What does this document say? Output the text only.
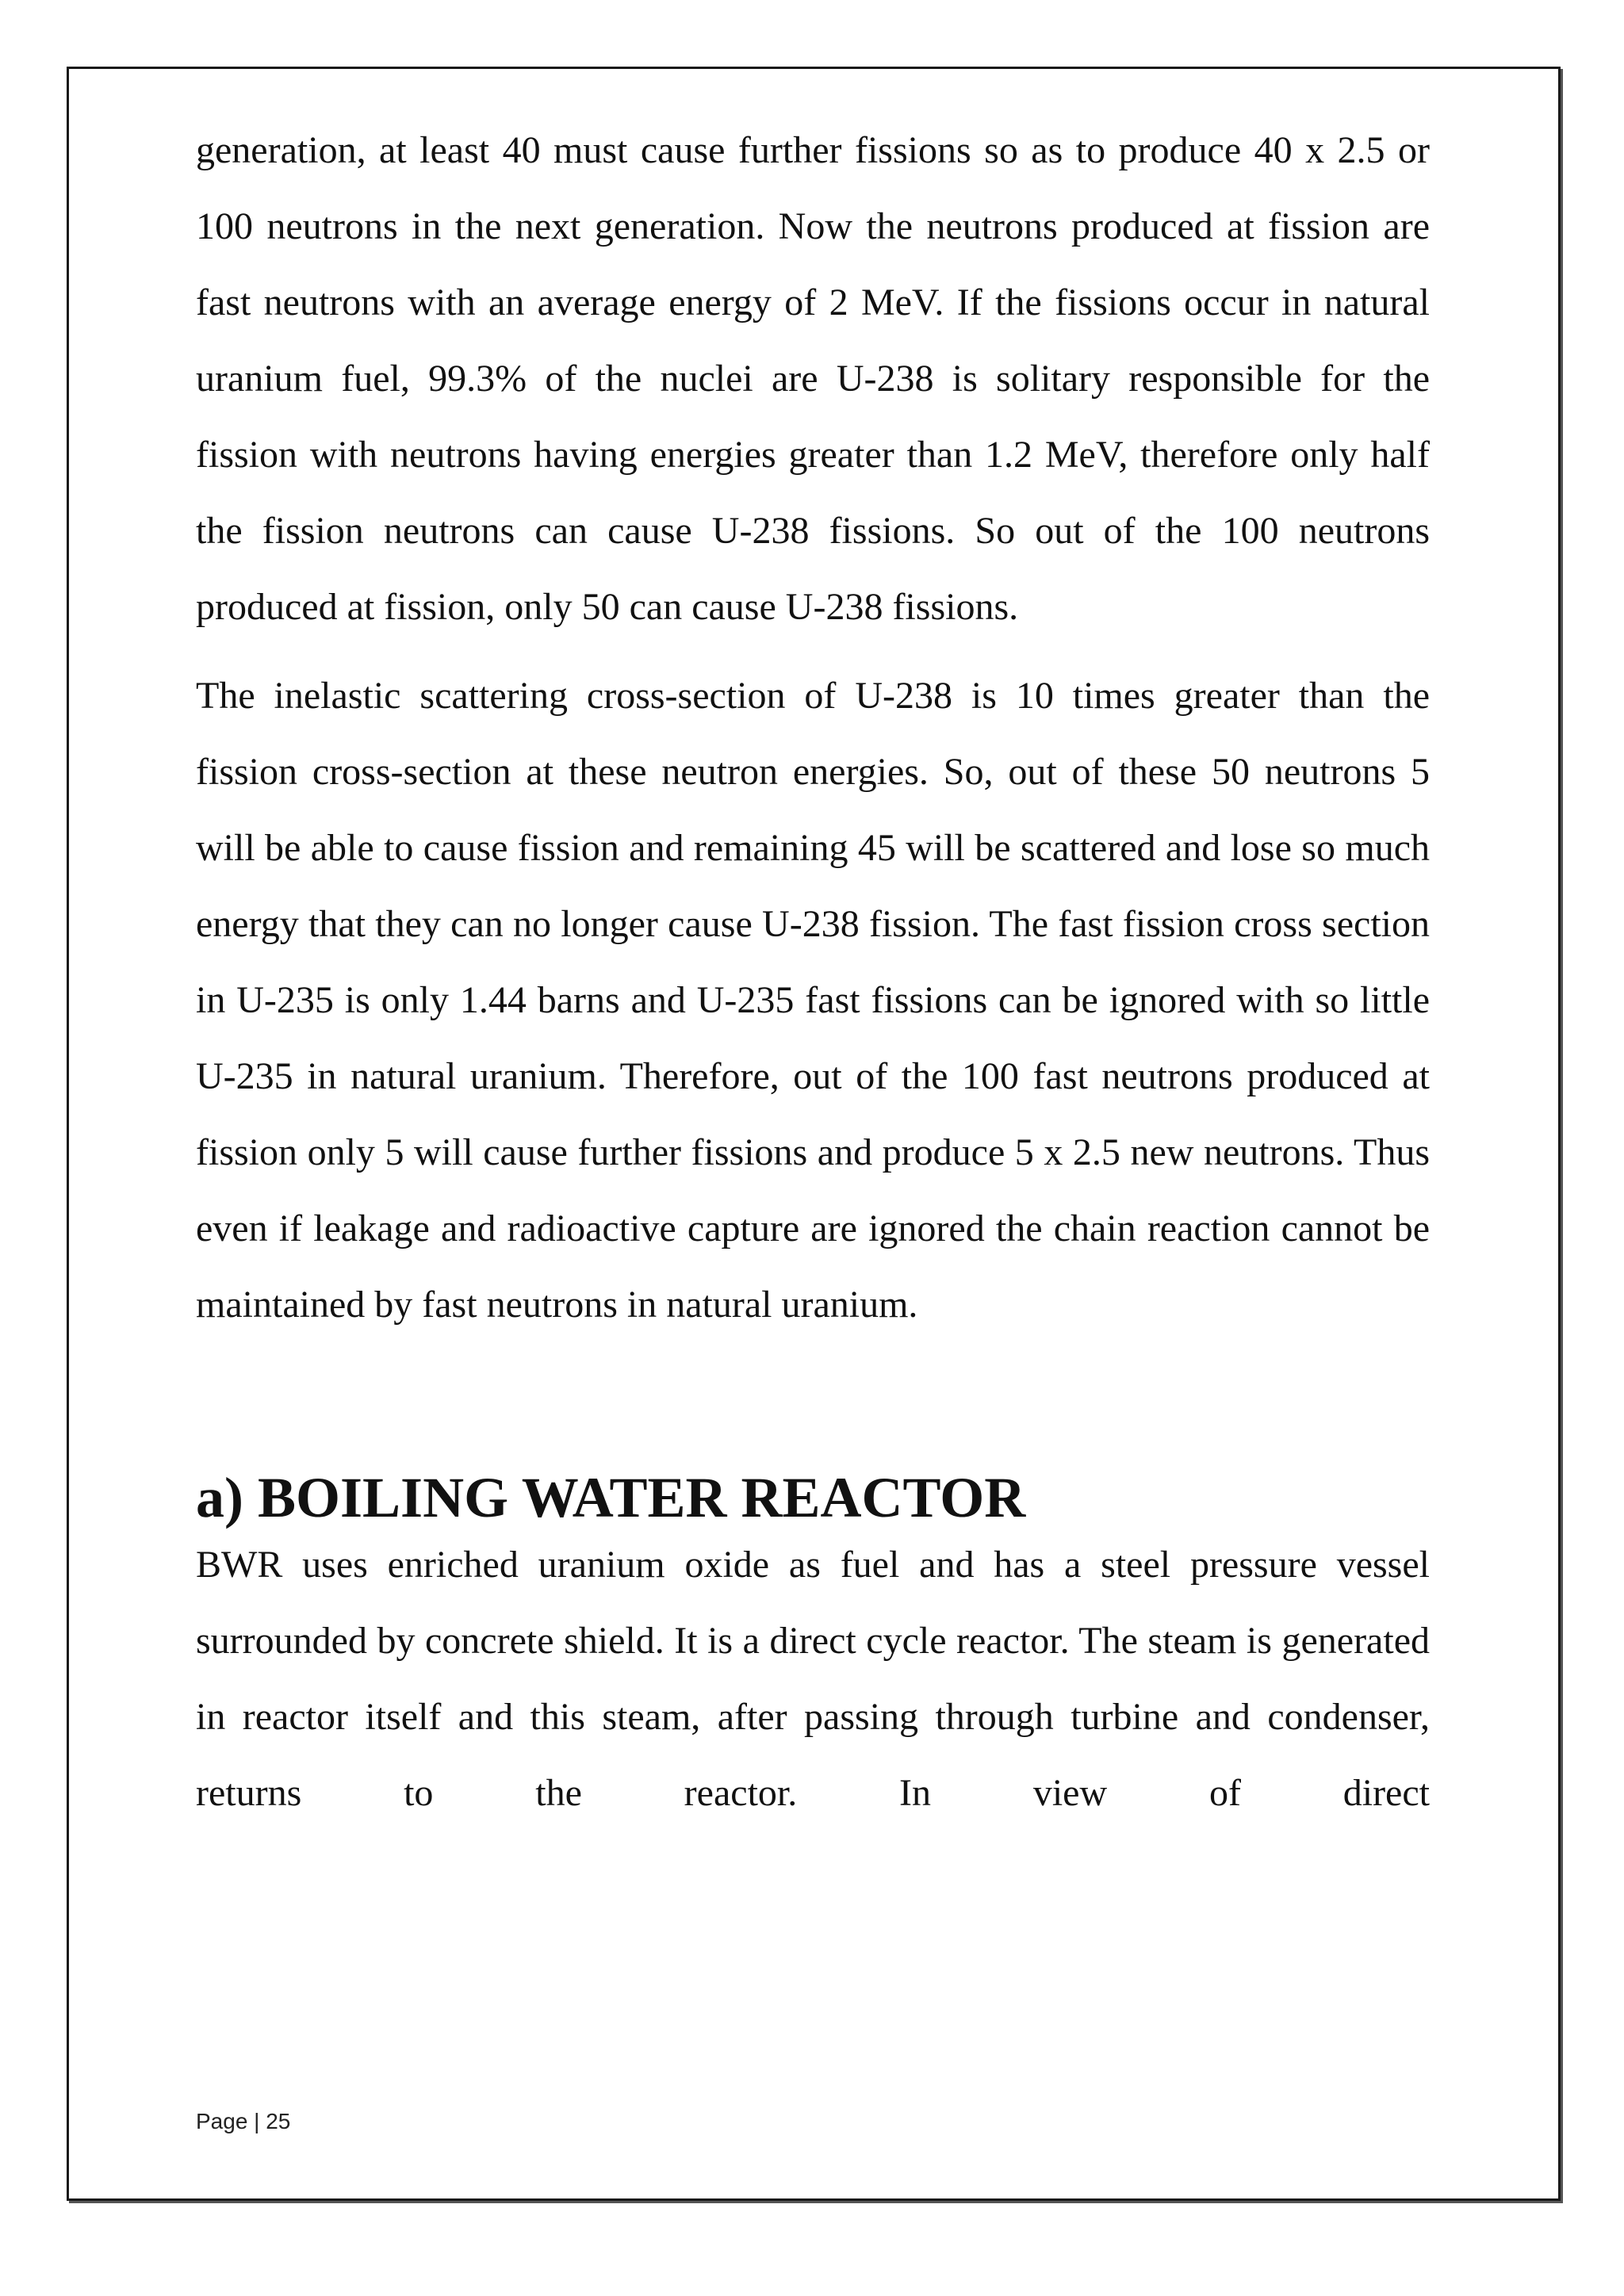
generation, at least 40 must cause further fissions so as to produce 40 x 2.5 or 100 neutrons in the next generation. Now the neutrons produced at fission are fast neutrons with an average energy of 2 MeV. If the fissions occur in natural uranium fuel, 99.3% of the nuclei are U-238 is solitary responsible for the fission with neutrons having energies greater than 1.2 MeV, therefore only half the fission neutrons can cause U-238 fissions. So out of the 100 neutrons produced at fission, only 50 can cause U-238 fissions.

The inelastic scattering cross-section of U-238 is 10 times greater than the fission cross-section at these neutron energies. So, out of these 50 neutrons 5 will be able to cause fission and remaining 45 will be scattered and lose so much energy that they can no longer cause U-238 fission. The fast fission cross section in U-235 is only 1.44 barns and U-235 fast fissions can be ignored with so little U-235 in natural uranium. Therefore, out of the 100 fast neutrons produced at fission only 5 will cause further fissions and produce 5 x 2.5 new neutrons. Thus even if leakage and radioactive capture are ignored the chain reaction cannot be maintained by fast neutrons in natural uranium.

a) BOILING WATER REACTOR

BWR uses enriched uranium oxide as fuel and has a steel pressure vessel surrounded by concrete shield. It is a direct cycle reactor. The steam is generated in reactor itself and this steam, after passing through turbine and condenser, returns to the reactor. In view of direct

Page | 25
